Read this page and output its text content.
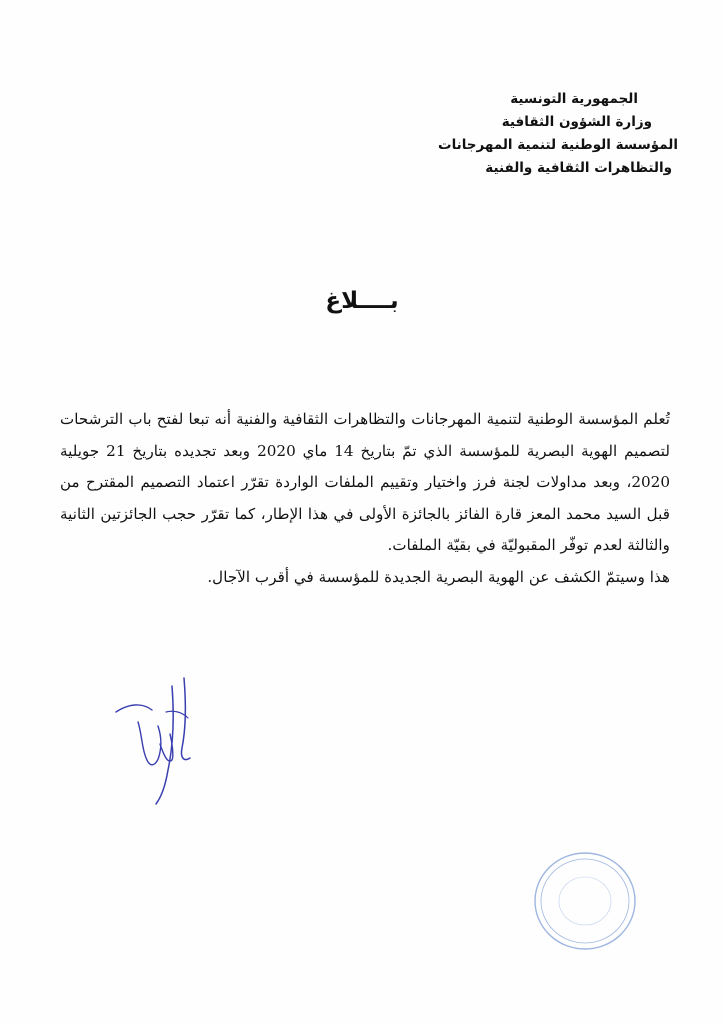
الجمهورية التونسية
وزارة الشؤون الثقافية
المؤسسة الوطنية لتنمية المهرجانات
والتظاهرات الثقافية والفنية
بــــلاغ

تُعلم المؤسسة الوطنية لتنمية المهرجانات والتظاهرات الثقافية والفنية أنه تبعا لفتح باب الترشحات لتصميم الهوية البصرية للمؤسسة الذي تمّ بتاريخ 14 ماي 2020 وبعد تجديده بتاريخ 21 جويلية 2020، وبعد مداولات لجنة فرز واختيار وتقييم الملفات الواردة تقرّر اعتماد التصميم المقترح من قبل السيد محمد المعز قارة الفائز بالجائزة الأولى في هذا الإطار، كما تقرّر حجب الجائزتين الثانية والثالثة لعدم توفّر المقبوليّة في بقيّة الملفات.

هذا وسيتمّ الكشف عن الهوية البصرية الجديدة للمؤسسة في أقرب الآجال.
